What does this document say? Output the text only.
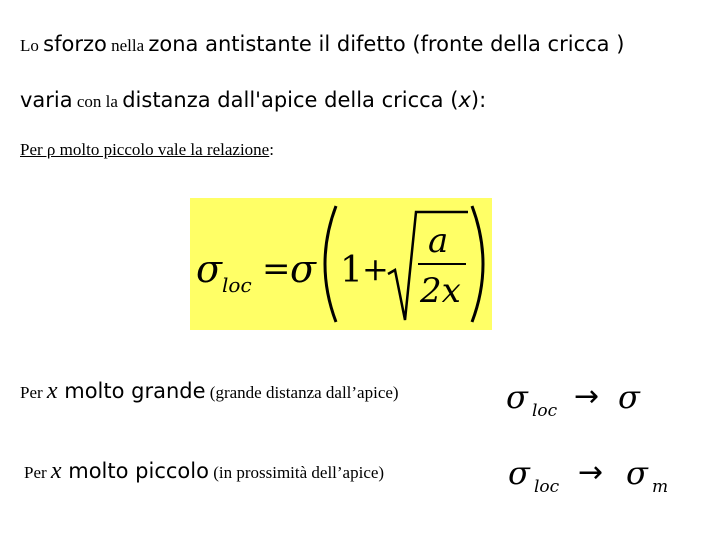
Lo sforzo nella zona antistante il difetto (fronte della cricca )
varia con la distanza dall'apice della cricca (x):
Per ρ molto piccolo vale la relazione:
σ loc = σ 1 +
a
2x
Per x molto grande (grande distanza dall’apice)	σ loc → σ
Per x molto piccolo (in prossimità dell’apice)	σ loc → σ m
